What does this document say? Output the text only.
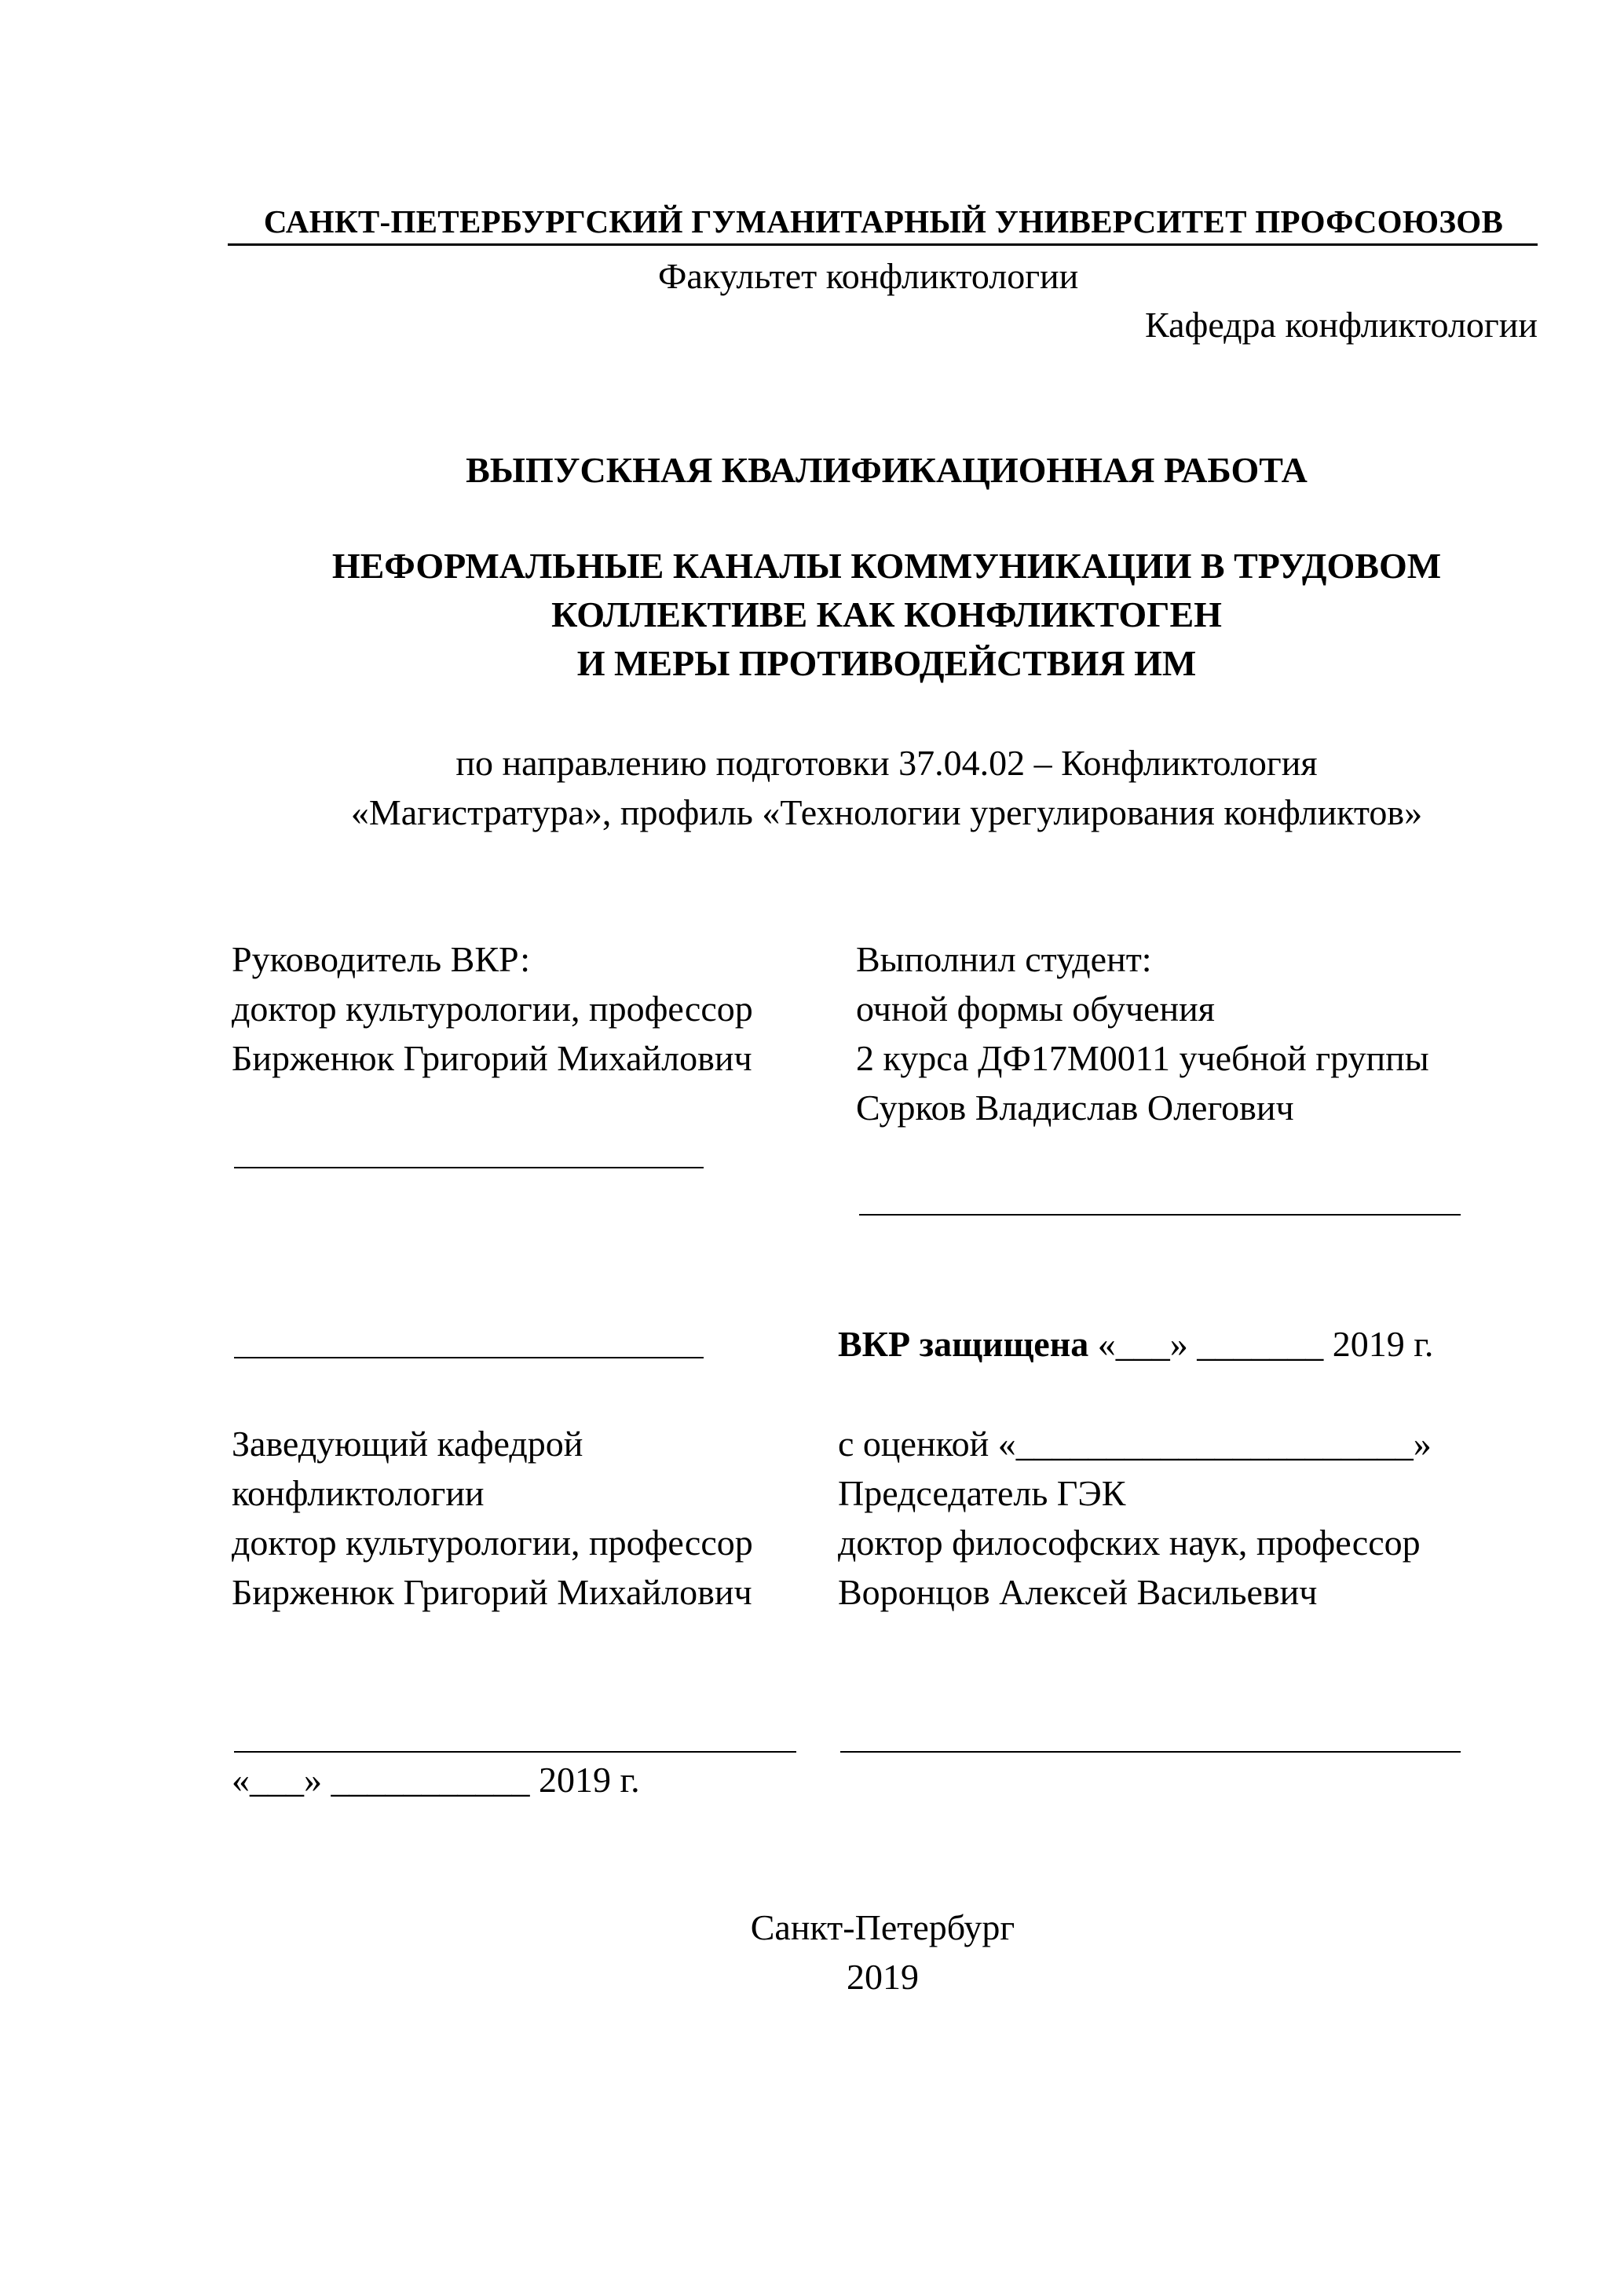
САНКТ-ПЕТЕРБУРГСКИЙ ГУМАНИТАРНЫЙ УНИВЕРСИТЕТ ПРОФСОЮЗОВ
Факультет конфликтологии
Кафедра конфликтологии
ВЫПУСКНАЯ КВАЛИФИКАЦИОННАЯ РАБОТА
НЕФОРМАЛЬНЫЕ КАНАЛЫ КОММУНИКАЦИИ В ТРУДОВОМ
КОЛЛЕКТИВЕ КАК КОНФЛИКТОГЕН
И МЕРЫ ПРОТИВОДЕЙСТВИЯ ИМ
по направлению подготовки 37.04.02 – Конфликтология
«Магистратура», профиль «Технологии урегулирования конфликтов»
Руководитель ВКР:
доктор культурологии, профессор
Бирженюк Григорий Михайлович
Выполнил студент:
очной формы обучения
2 курса ДФ17М0011 учебной группы
Сурков Владислав Олегович
ВКР защищена «___» _______ 2019 г.
Заведующий кафедрой
конфликтологии
доктор культурологии, профессор
Бирженюк Григорий Михайлович
«___» ___________ 2019 г.
с оценкой «______________________»
Председатель ГЭК
доктор философских наук, профессор
Воронцов Алексей Васильевич
Санкт-Петербург
2019
